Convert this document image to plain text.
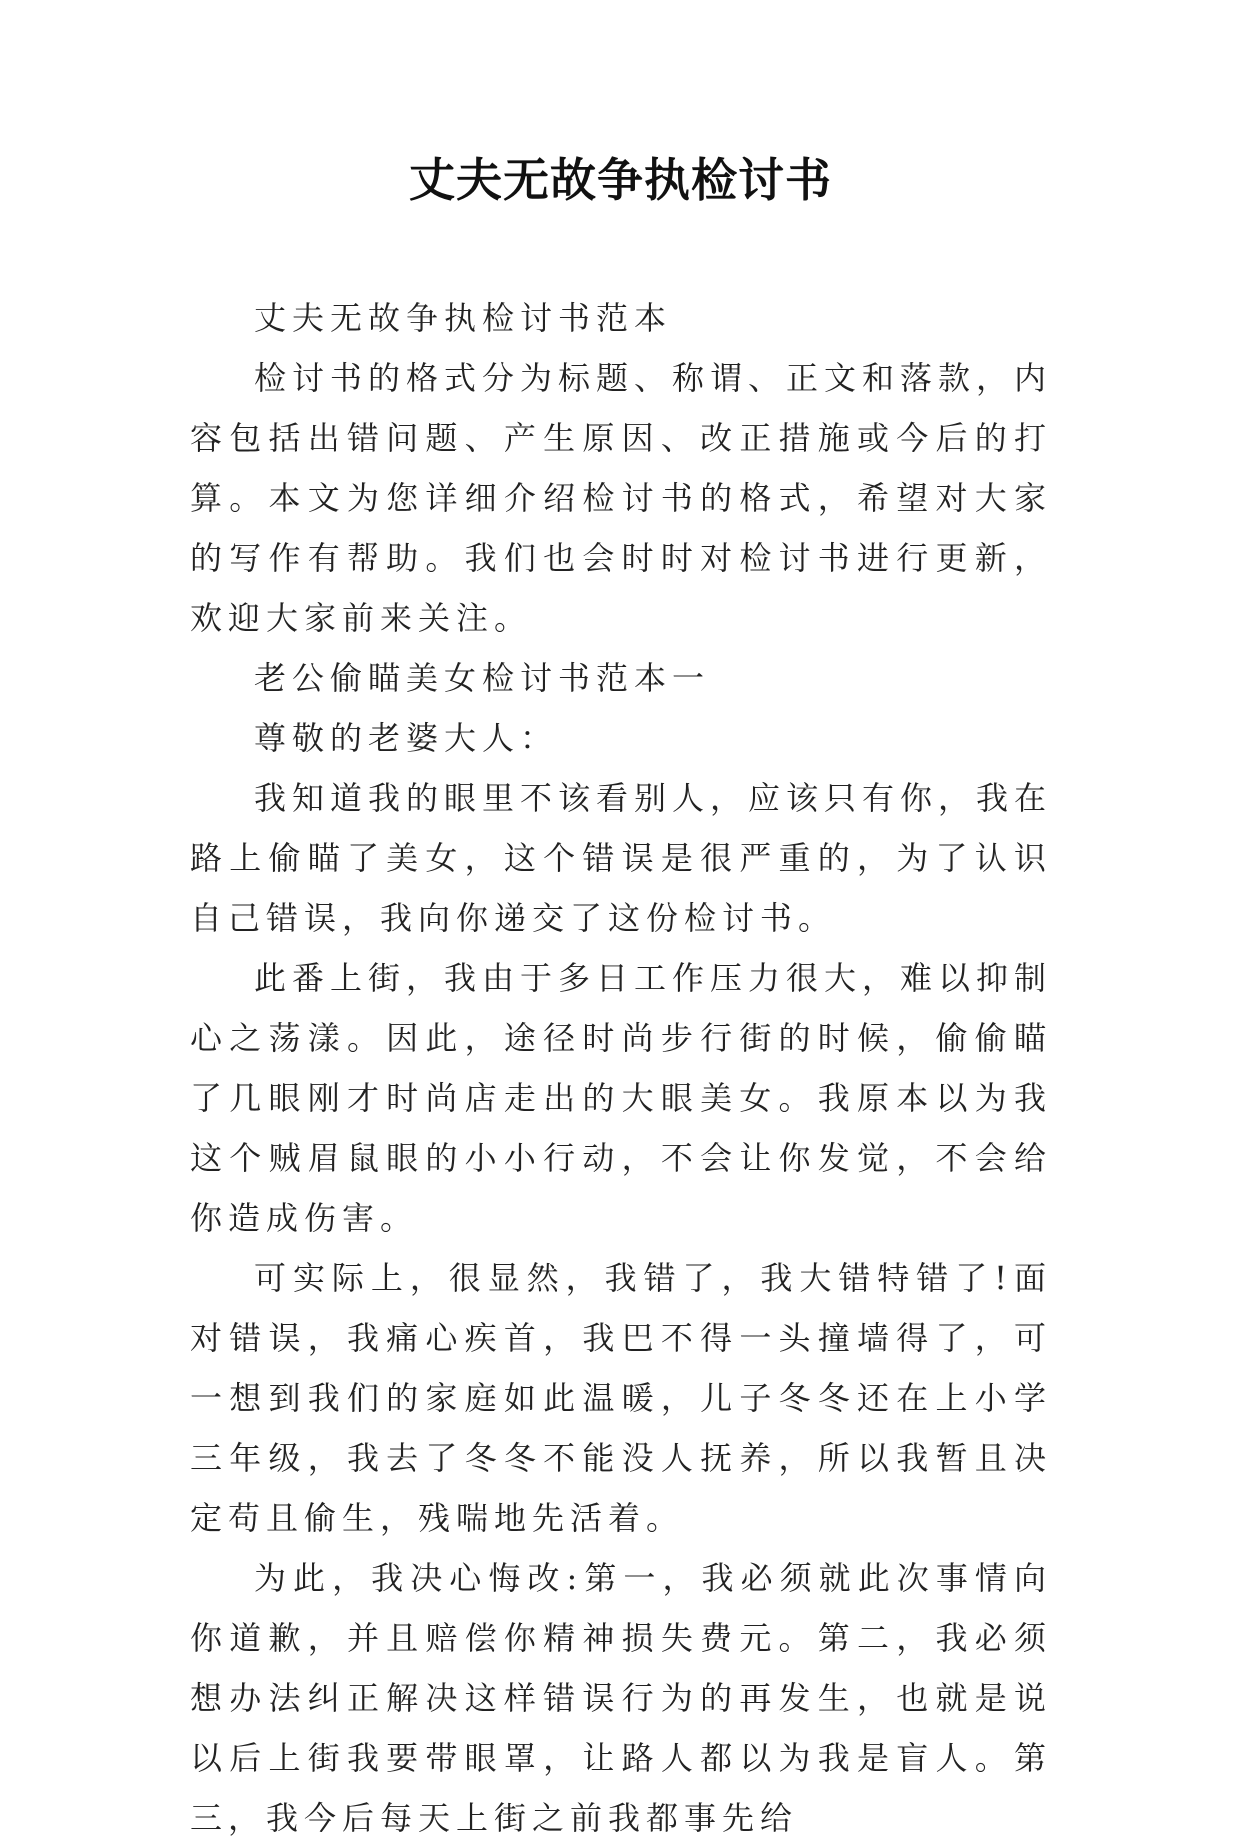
丈夫无故争执检讨书

丈夫无故争执检讨书范本

检讨书的格式分为标题、称谓、正文和落款，内容包括出错问题、产生原因、改正措施或今后的打算。本文为您详细介绍检讨书的格式，希望对大家的写作有帮助。我们也会时时对检讨书进行更新，欢迎大家前来关注。

老公偷瞄美女检讨书范本一

尊敬的老婆大人：

我知道我的眼里不该看别人，应该只有你，我在路上偷瞄了美女，这个错误是很严重的，为了认识自己错误，我向你递交了这份检讨书。

此番上街，我由于多日工作压力很大，难以抑制心之荡漾。因此，途径时尚步行街的时候，偷偷瞄了几眼刚才时尚店走出的大眼美女。我原本以为我这个贼眉鼠眼的小小行动，不会让你发觉，不会给你造成伤害。

可实际上，很显然，我错了，我大错特错了!面对错误，我痛心疾首，我巴不得一头撞墙得了，可一想到我们的家庭如此温暖，儿子冬冬还在上小学三年级，我去了冬冬不能没人抚养，所以我暂且决定苟且偷生，残喘地先活着。

为此，我决心悔改:第一，我必须就此次事情向你道歉，并且赔偿你精神损失费元。第二，我必须想办法纠正解决这样错误行为的再发生，也就是说以后上街我要带眼罩，让路人都以为我是盲人。第三，我今后每天上街之前我都事先给
